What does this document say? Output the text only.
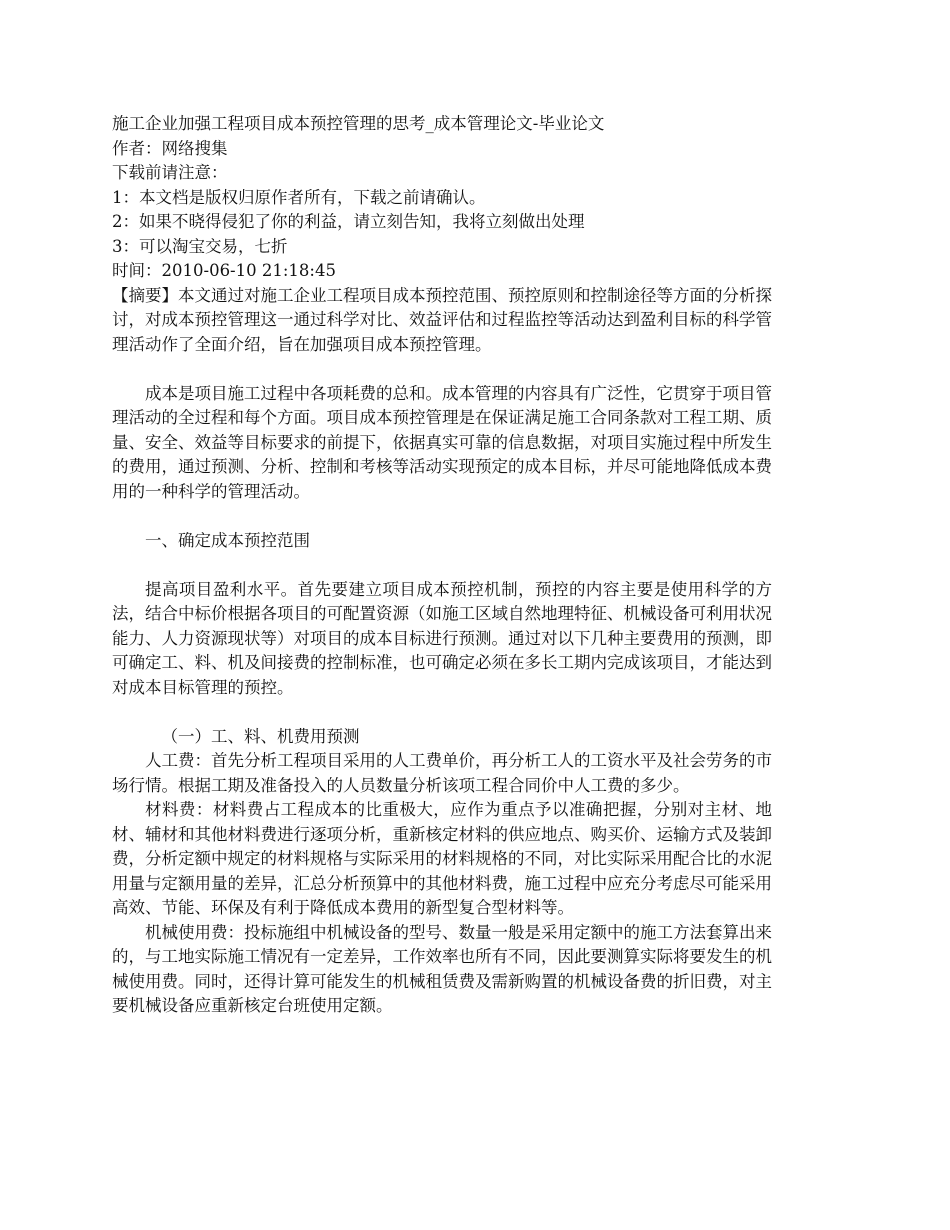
施工企业加强工程项目成本预控管理的思考_成本管理论文-毕业论文
作者：网络搜集
下载前请注意：
1：本文档是版权归原作者所有，下载之前请确认。
2：如果不晓得侵犯了你的利益，请立刻告知，我将立刻做出处理
3：可以淘宝交易，七折
时间：2010-06-10 21:18:45

【摘要】本文通过对施工企业工程项目成本预控范围、预控原则和控制途径等方面的分析探讨，对成本预控管理这一通过科学对比、效益评估和过程监控等活动达到盈利目标的科学管理活动作了全面介绍，旨在加强项目成本预控管理。

成本是项目施工过程中各项耗费的总和。成本管理的内容具有广泛性，它贯穿于项目管理活动的全过程和每个方面。项目成本预控管理是在保证满足施工合同条款对工程工期、质量、安全、效益等目标要求的前提下，依据真实可靠的信息数据，对项目实施过程中所发生的费用，通过预测、分析、控制和考核等活动实现预定的成本目标，并尽可能地降低成本费用的一种科学的管理活动。

一、确定成本预控范围

提高项目盈利水平。首先要建立项目成本预控机制，预控的内容主要是使用科学的方法，结合中标价根据各项目的可配置资源（如施工区域自然地理特征、机械设备可利用状况能力、人力资源现状等）对项目的成本目标进行预测。通过对以下几种主要费用的预测，即可确定工、料、机及间接费的控制标准，也可确定必须在多长工期内完成该项目，才能达到对成本目标管理的预控。

（一）工、料、机费用预测

人工费：首先分析工程项目采用的人工费单价，再分析工人的工资水平及社会劳务的市场行情。根据工期及准备投入的人员数量分析该项工程合同价中人工费的多少。

材料费：材料费占工程成本的比重极大，应作为重点予以准确把握，分别对主材、地材、辅材和其他材料费进行逐项分析，重新核定材料的供应地点、购买价、运输方式及装卸费，分析定额中规定的材料规格与实际采用的材料规格的不同，对比实际采用配合比的水泥用量与定额用量的差异，汇总分析预算中的其他材料费，施工过程中应充分考虑尽可能采用高效、节能、环保及有利于降低成本费用的新型复合型材料等。

机械使用费：投标施组中机械设备的型号、数量一般是采用定额中的施工方法套算出来的，与工地实际施工情况有一定差异，工作效率也所有不同，因此要测算实际将要发生的机械使用费。同时，还得计算可能发生的机械租赁费及需新购置的机械设备费的折旧费，对主要机械设备应重新核定台班使用定额。
